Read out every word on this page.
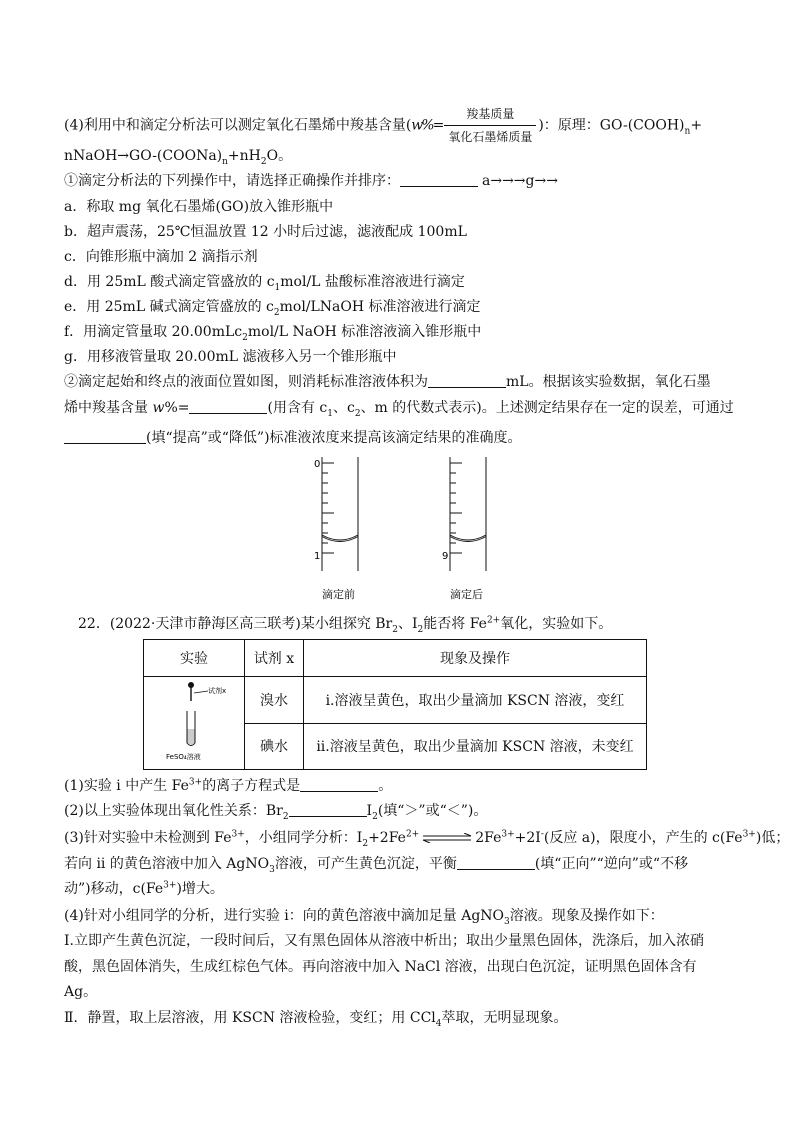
(4)利用中和滴定分析法可以测定氧化石墨烯中羧基含量($w\%= \frac{\text{羧基质量}}{\text{氧化石墨烯质量}}$ )：原理：$GO-(COOH)_n+$
$nNaOH\to GO-(COONa)_n+nH_2O$。
①滴定分析法的下列操作中，请选择正确操作并排序：	a→→→g→→
a．称取 mg 氧化石墨烯(GO)放入锥形瓶中
b．超声震荡，25℃恒温放置 12 小时后过滤，滤液配成 100mL
c．向锥形瓶中滴加 2 滴指示剂
d．用 25mL 酸式滴定管盛放的 $c_1mol/L$ 盐酸标准溶液进行滴定
e．用 25mL 碱式滴定管盛放的 $c_2mol$/LNaOH 标准溶液进行滴定
f．用滴定管量取 20.00mLc$_2$mol/L NaOH 标准溶液滴入锥形瓶中
g．用移液管量取 20.00mL 滤液移入另一个锥形瓶中
②滴定起始和终点的液面位置如图，则消耗标准溶液体积为	mL。根据该实验数据，氧化石墨
烯中羧基含量 w%=	(用含有 $c_1$、$c_2$、m 的代数式表示)。上述测定结果存在一定的误差，可通过
(填“提高”或“降低”)标准液浓度来提高该滴定结果的准确度。
0
1	9
滴定前	滴定后
22．(2022·天津市静海区高三联考)某小组探究 $Br_2$、$I_2$能否将 $Fe^{2+}$氧化，实验如下。
实验	试剂 x	现象及操作

试剂x
FeSO₄溶液	溴水	i.溶液呈黄色，取出少量滴加 KSCN 溶液，变红
	碘水	ii.溶液呈黄色，取出少量滴加 KSCN 溶液，未变红
(1)实验 i 中产生 $Fe^{3+}$的离子方程式是	。
(2)以上实验体现出氧化性关系：$Br_2$	$I_2$(填“＞”或“＜”)。
(3)针对实验中未检测到 $Fe^{3+}$，小组同学分析：$I_2+2Fe^{2+}$ ⇌ $2Fe^{3+}+2I^-$(反应 a)，限度小，产生的 $c(Fe^{3+})$低；
若向 ii 的黄色溶液中加入 AgNO$_3$溶液，可产生黄色沉淀，平衡	(填“正向”“逆向”或“不移
动”)移动，$c(Fe^{3+})$增大。
(4)针对小组同学的分析，进行实验 i：向的黄色溶液中滴加足量 AgNO$_3$溶液。现象及操作如下：
Ⅰ.立即产生黄色沉淀，一段时间后，又有黑色固体从溶液中析出；取出少量黑色固体，洗涤后，加入浓硝
酸，黑色固体消失，生成红棕色气体。再向溶液中加入 NaCl 溶液，出现白色沉淀，证明黑色固体含有
Ag。
Ⅱ．静置，取上层溶液，用 KSCN 溶液检验，变红；用 CCl$_4$萃取，无明显现象。
